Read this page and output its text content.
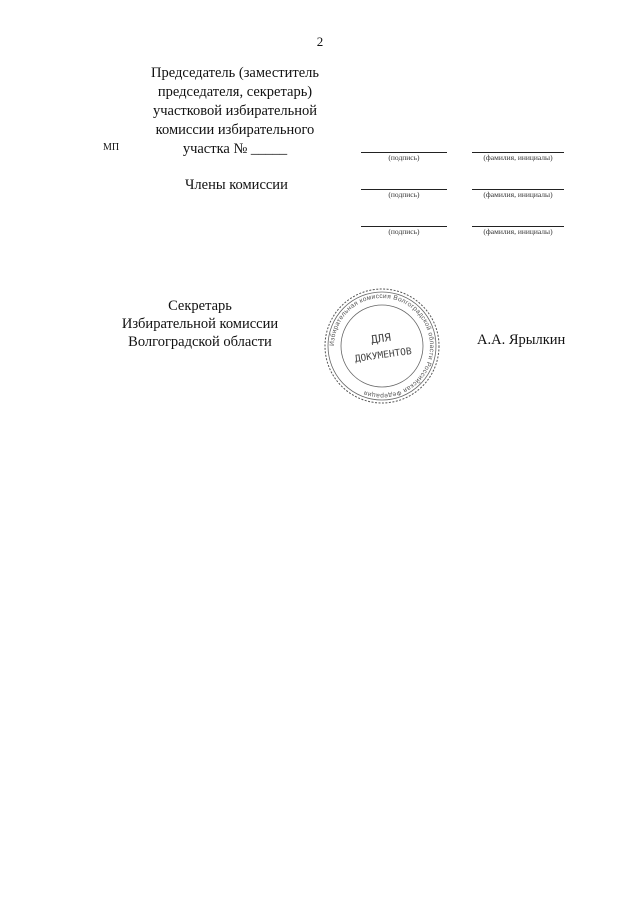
2
Председатель (заместитель
председателя, секретарь)
участковой избирательной
комиссии избирательного
участка № _____
МП
Члены комиссии
(подпись)	(фамилия, инициалы)
(подпись)	(фамилия, инициалы)
(подпись)	(фамилия, инициалы)
Секретарь
Избирательной комиссии
Волгоградской области	А.А. Ярылкин
Избирательная комиссия Волгоградской области Российская Федерация
ДЛЯ
ДОКУМЕНТОВ
